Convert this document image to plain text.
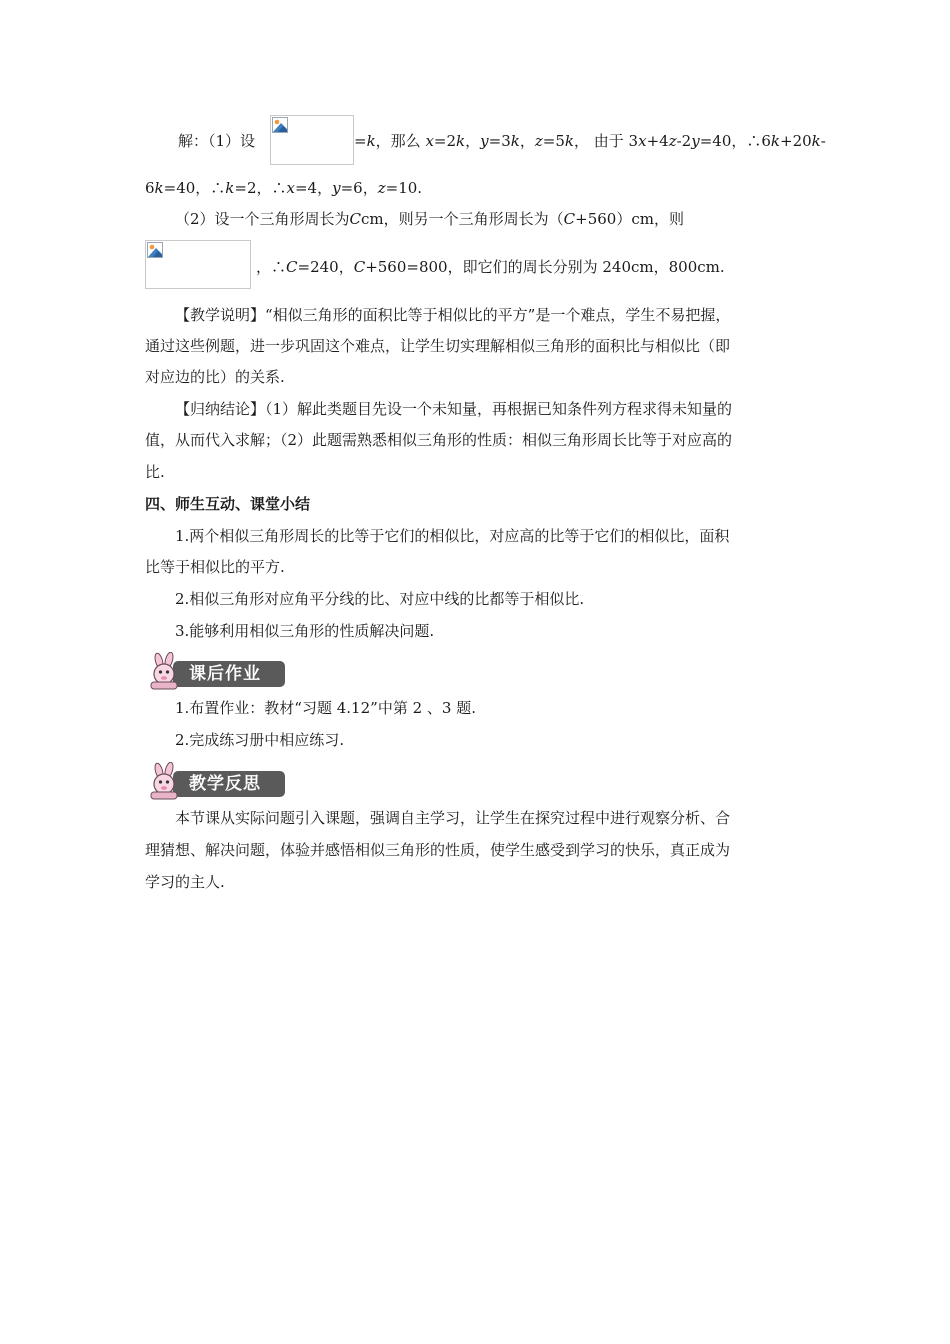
解：（1）设	=k，那么 x=2k，y=3k，z=5k， 由于 3x+4z-2y=40，∴6k+20k-
6k=40，∴k=2，∴x=4，y=6，z=10.
（2）设一个三角形周长为Ccm，则另一个三角形周长为（C+560）cm，则
，∴C=240，C+560=800，即它们的周长分别为 240cm，800cm.
【教学说明】“相似三角形的面积比等于相似比的平方”是一个难点，学生不易把握，
通过这些例题，进一步巩固这个难点，让学生切实理解相似三角形的面积比与相似比（即
对应边的比）的关系.
【归纳结论】（1）解此类题目先设一个未知量，再根据已知条件列方程求得未知量的
值，从而代入求解；（2）此题需熟悉相似三角形的性质：相似三角形周长比等于对应高的
比.
四、师生互动、课堂小结
1.两个相似三角形周长的比等于它们的相似比，对应高的比等于它们的相似比，面积
比等于相似比的平方.
2.相似三角形对应角平分线的比、对应中线的比都等于相似比.
3.能够利用相似三角形的性质解决问题.
课后作业
1.布置作业：教材“习题 4.12”中第 2 、3 题.
2.完成练习册中相应练习.
教学反思
本节课从实际问题引入课题，强调自主学习，让学生在探究过程中进行观察分析、合
理猜想、解决问题，体验并感悟相似三角形的性质，使学生感受到学习的快乐，真正成为
学习的主人.
